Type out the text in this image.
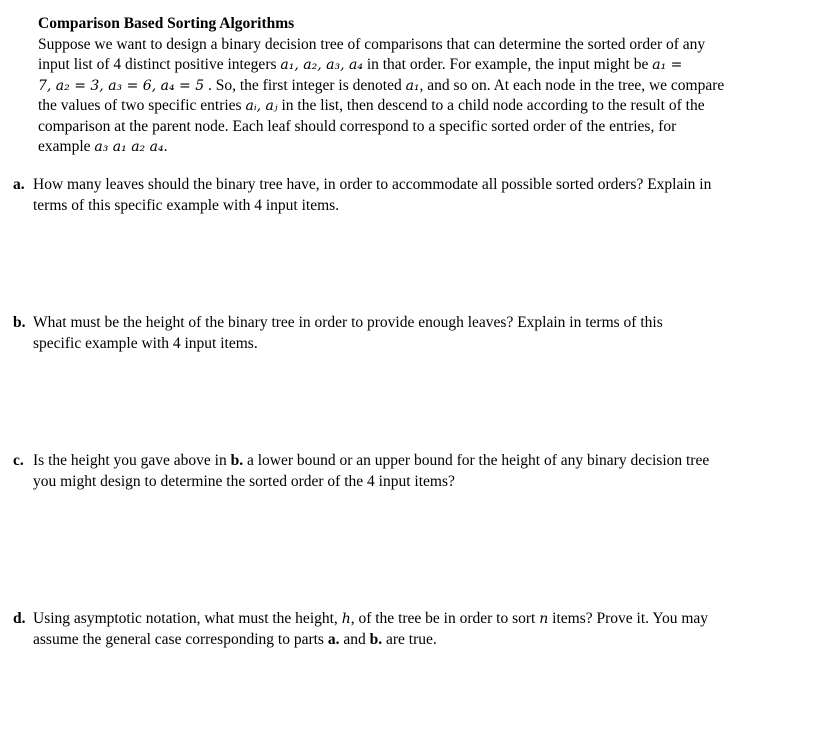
Comparison Based Sorting Algorithms
Suppose we want to design a binary decision tree of comparisons that can determine the sorted order of any
input list of 4 distinct positive integers a₁, a₂, a₃, a₄ in that order. For example, the input might be a₁ =
7, a₂ = 3, a₃ = 6, a₄ = 5 . So, the first integer is denoted a₁, and so on. At each node in the tree, we compare
the values of two specific entries aᵢ, aⱼ in the list, then descend to a child node according to the result of the
comparison at the parent node. Each leaf should correspond to a specific sorted order of the entries, for
example a₃ a₁ a₂ a₄.
a. How many leaves should the binary tree have, in order to accommodate all possible sorted orders? Explain in
terms of this specific example with 4 input items.
b. What must be the height of the binary tree in order to provide enough leaves? Explain in terms of this
specific example with 4 input items.
c. Is the height you gave above in b. a lower bound or an upper bound for the height of any binary decision tree
you might design to determine the sorted order of the 4 input items?
d. Using asymptotic notation, what must the height, h, of the tree be in order to sort n items? Prove it. You may
assume the general case corresponding to parts a. and b. are true.
